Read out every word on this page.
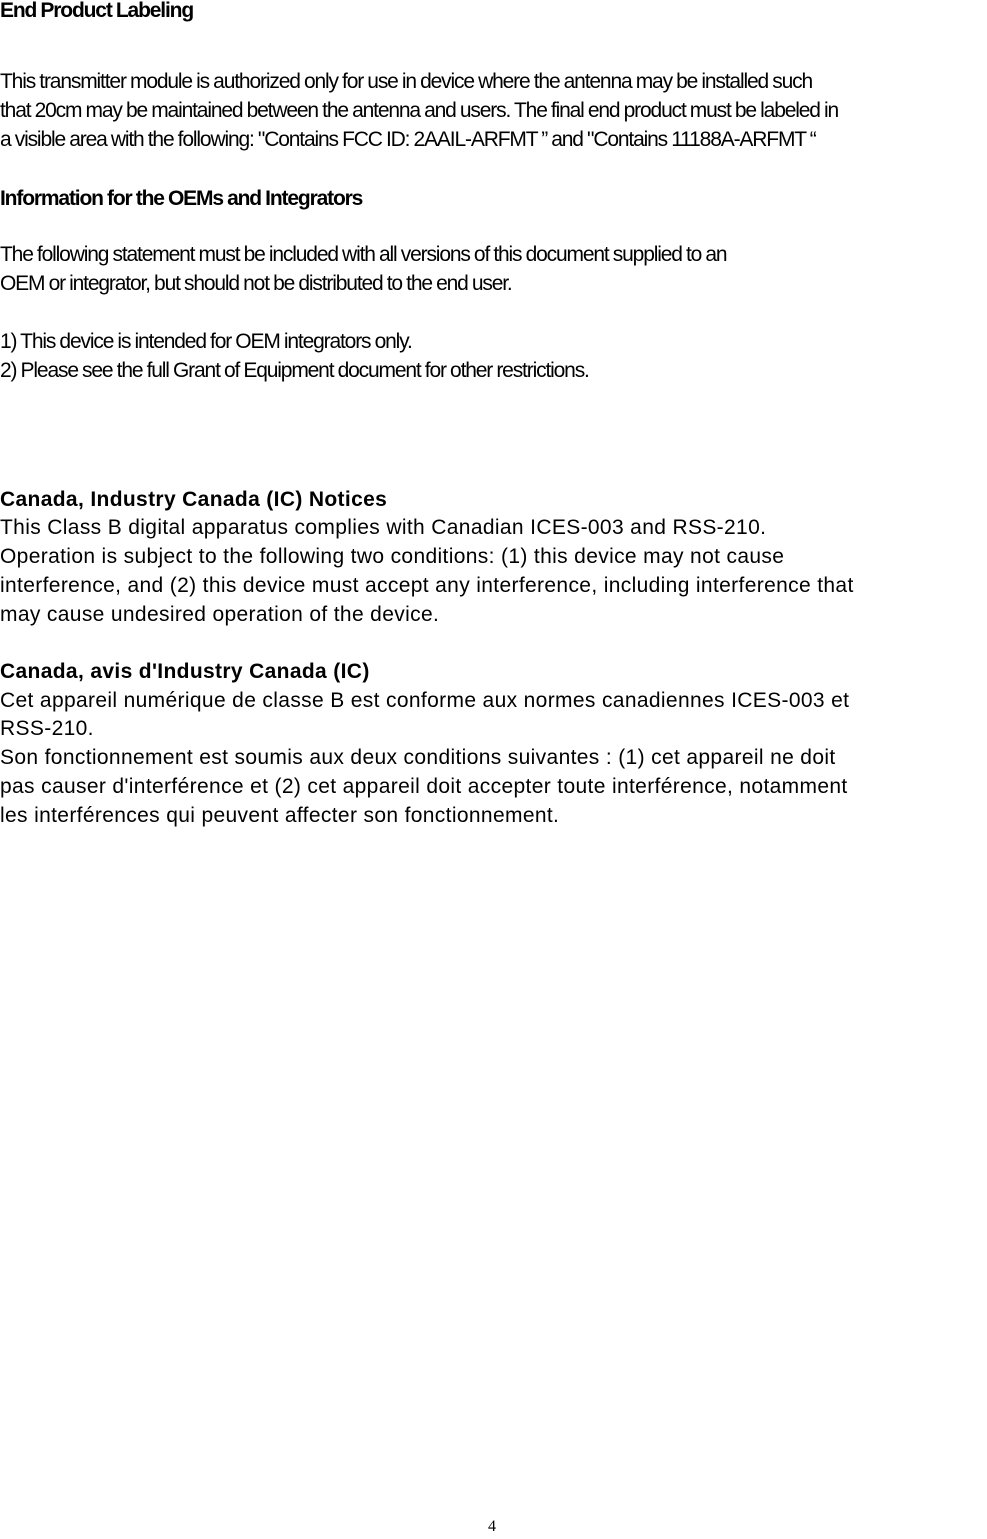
End Product Labeling

This transmitter module is authorized only for use in device where the antenna may be installed such

that 20cm may be maintained between the antenna and users. The final end product must be labeled in

a visible area with the following: "Contains FCC ID: 2AAIL-ARFMT ” and "Contains 11188A-ARFMT “

Information for the OEMs and Integrators

The following statement must be included with all versions of this document supplied to an

OEM or integrator, but should not be distributed to the end user.

1) This device is intended for OEM integrators only.

2) Please see the full Grant of Equipment document for other restrictions.

Canada, Industry Canada (IC) Notices

This Class B digital apparatus complies with Canadian ICES-003 and RSS-210.

Operation is subject to the following two conditions: (1) this device may not cause

interference, and (2) this device must accept any interference, including interference that

may cause undesired operation of the device.

Canada, avis d'Industry Canada (IC)

Cet appareil numérique de classe B est conforme aux normes canadiennes ICES-003 et

RSS-210.

Son fonctionnement est soumis aux deux conditions suivantes : (1) cet appareil ne doit

pas causer d'interférence et (2) cet appareil doit accepter toute interférence, notamment

les interférences qui peuvent affecter son fonctionnement.

4
